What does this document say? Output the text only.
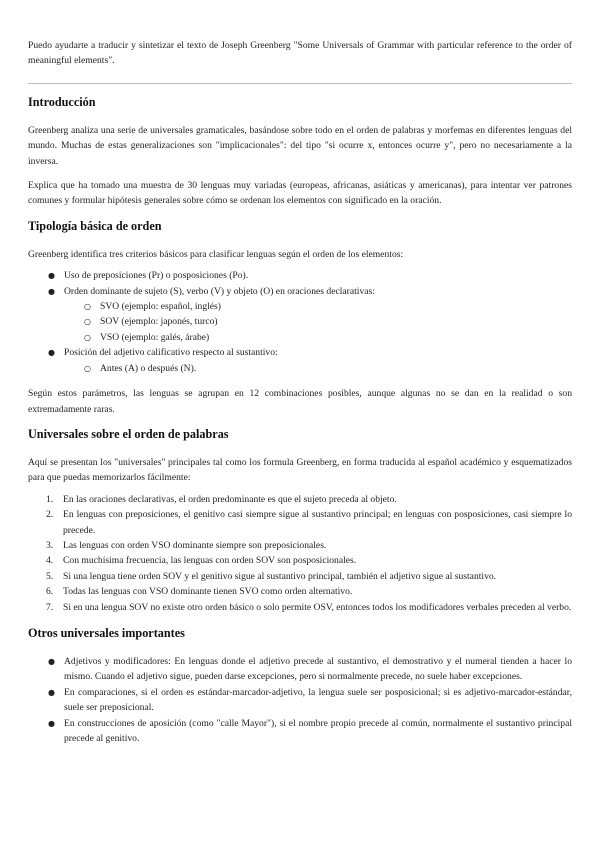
Puedo ayudarte a traducir y sintetizar el texto de Joseph Greenberg "Some Universals of Grammar with particular reference to the order of meaningful elements".

Introducción

Greenberg analiza una serie de universales gramaticales, basándose sobre todo en el orden de palabras y morfemas en diferentes lenguas del mundo. Muchas de estas generalizaciones son "implicacionales": del tipo "si ocurre x, entonces ocurre y", pero no necesariamente a la inversa.

Explica que ha tomado una muestra de 30 lenguas muy variadas (europeas, africanas, asiáticas y americanas), para intentar ver patrones comunes y formular hipótesis generales sobre cómo se ordenan los elementos con significado en la oración.

Tipología básica de orden

Greenberg identifica tres criterios básicos para clasificar lenguas según el orden de los elementos:

● Uso de preposiciones (Pr) o posposiciones (Po).
● Orden dominante de sujeto (S), verbo (V) y objeto (O) en oraciones declarativas:
○ SVO (ejemplo: español, inglés)
○ SOV (ejemplo: japonés, turco)
○ VSO (ejemplo: galés, árabe)
● Posición del adjetivo calificativo respecto al sustantivo:
○ Antes (A) o después (N).

Según estos parámetros, las lenguas se agrupan en 12 combinaciones posibles, aunque algunas no se dan en la realidad o son extremadamente raras.

Universales sobre el orden de palabras

Aquí se presentan los "universales" principales tal como los formula Greenberg, en forma traducida al español académico y esquematizados para que puedas memorizarlos fácilmente:

1. En las oraciones declarativas, el orden predominante es que el sujeto preceda al objeto.
2. En lenguas con preposiciones, el genitivo casi siempre sigue al sustantivo principal; en lenguas con posposiciones, casi siempre lo precede.
3. Las lenguas con orden VSO dominante siempre son preposicionales.
4. Con muchísima frecuencia, las lenguas con orden SOV son posposicionales.
5. Si una lengua tiene orden SOV y el genitivo sigue al sustantivo principal, también el adjetivo sigue al sustantivo.
6. Todas las lenguas con VSO dominante tienen SVO como orden alternativo.
7. Si en una lengua SOV no existe otro orden básico o solo permite OSV, entonces todos los modificadores verbales preceden al verbo.
Otros universales importantes
● Adjetivos y modificadores: En lenguas donde el adjetivo precede al sustantivo, el demostrativo y el numeral tienden a hacer lo mismo. Cuando el adjetivo sigue, pueden darse excepciones, pero si normalmente precede, no suele haber excepciones.
● En comparaciones, si el orden es estándar-marcador-adjetivo, la lengua suele ser posposicional; si es adjetivo-marcador-estándar, suele ser preposicional.
● En construcciones de aposición (como "calle Mayor"), si el nombre propio precede al común, normalmente el sustantivo principal precede al genitivo.
